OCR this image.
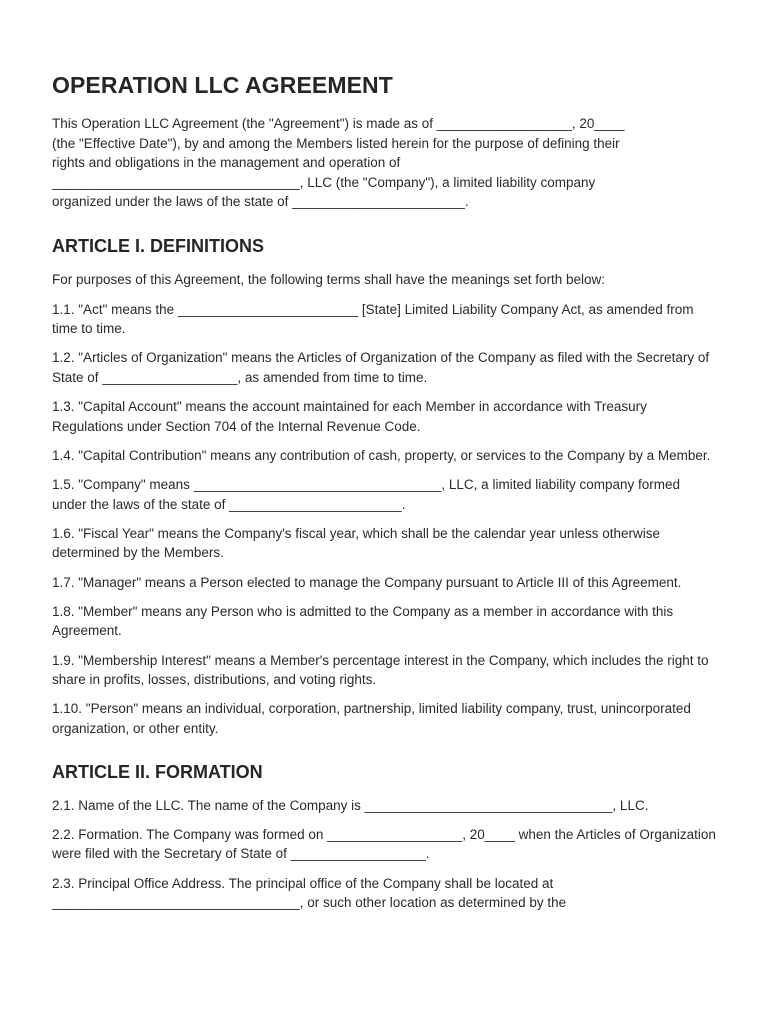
OPERATION LLC AGREEMENT

This Operation LLC Agreement (the "Agreement") is made as of __________________, 20____
(the "Effective Date"), by and among the Members listed herein for the purpose of defining their
rights and obligations in the management and operation of
_________________________________, LLC (the "Company"), a limited liability company
organized under the laws of the state of _______________________.

ARTICLE I. DEFINITIONS

For purposes of this Agreement, the following terms shall have the meanings set forth below:

1.1. "Act" means the ________________________ [State] Limited Liability Company Act, as amended from time to time.

1.2. "Articles of Organization" means the Articles of Organization of the Company as filed with the Secretary of State of __________________, as amended from time to time.

1.3. "Capital Account" means the account maintained for each Member in accordance with Treasury Regulations under Section 704 of the Internal Revenue Code.

1.4. "Capital Contribution" means any contribution of cash, property, or services to the Company by a Member.

1.5. "Company" means _________________________________, LLC, a limited liability company formed under the laws of the state of _______________________.

1.6. "Fiscal Year" means the Company's fiscal year, which shall be the calendar year unless otherwise determined by the Members.

1.7. "Manager" means a Person elected to manage the Company pursuant to Article III of this Agreement.

1.8. "Member" means any Person who is admitted to the Company as a member in accordance with this Agreement.

1.9. "Membership Interest" means a Member's percentage interest in the Company, which includes the right to share in profits, losses, distributions, and voting rights.

1.10. "Person" means an individual, corporation, partnership, limited liability company, trust, unincorporated organization, or other entity.

ARTICLE II. FORMATION

2.1. Name of the LLC. The name of the Company is _________________________________, LLC.

2.2. Formation. The Company was formed on __________________, 20____ when the Articles of Organization were filed with the Secretary of State of __________________.

2.3. Principal Office Address. The principal office of the Company shall be located at _________________________________, or such other location as determined by the
